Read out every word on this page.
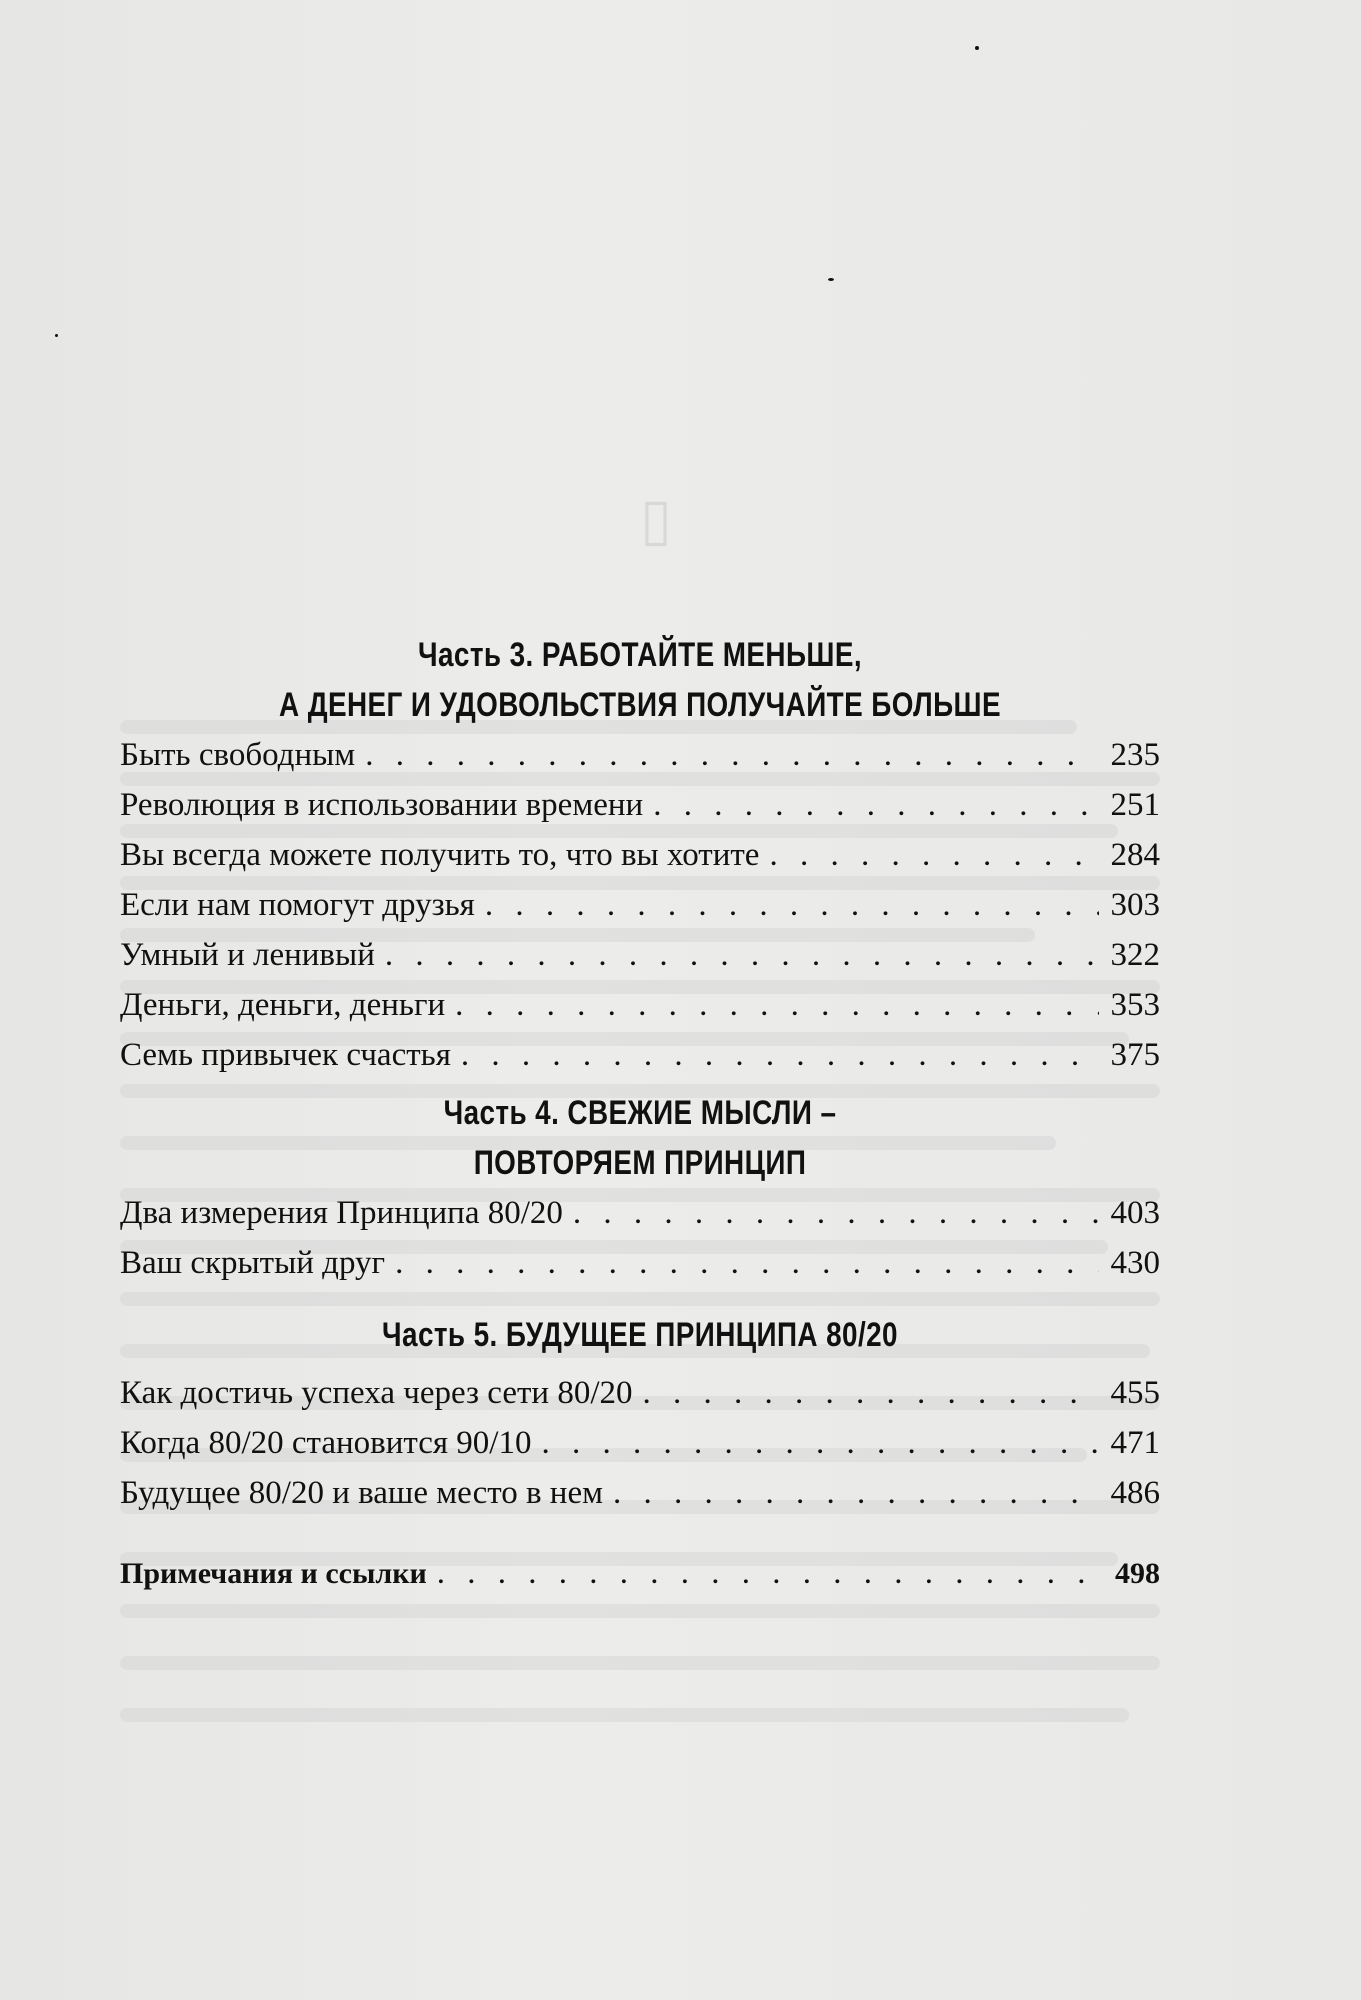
▯
Часть 3. РАБОТАЙТЕ МЕНЬШЕ,
А ДЕНЕГ И УДОВОЛЬСТВИЯ ПОЛУЧАЙТЕ БОЛЬШЕ
Быть свободным . . .	235
Революция в использовании времени . . .	251
Вы всегда можете получить то, что вы хотите . . .	284
Если нам помогут друзья . . .	303
Умный и ленивый . . .	322
Деньги, деньги, деньги . . .	353
Семь привычек счастья . . .	375
Часть 4. СВЕЖИЕ МЫСЛИ –
ПОВТОРЯЕМ ПРИНЦИП
Два измерения Принципа 80/20 . . .	403
Ваш скрытый друг . . .	430
Часть 5. БУДУЩЕЕ ПРИНЦИПА 80/20
Как достичь успеха через сети 80/20 . . .	455
Когда 80/20 становится 90/10 . . .	471
Будущее 80/20 и ваше место в нем . . .	486
Примечания и ссылки . . .	498
